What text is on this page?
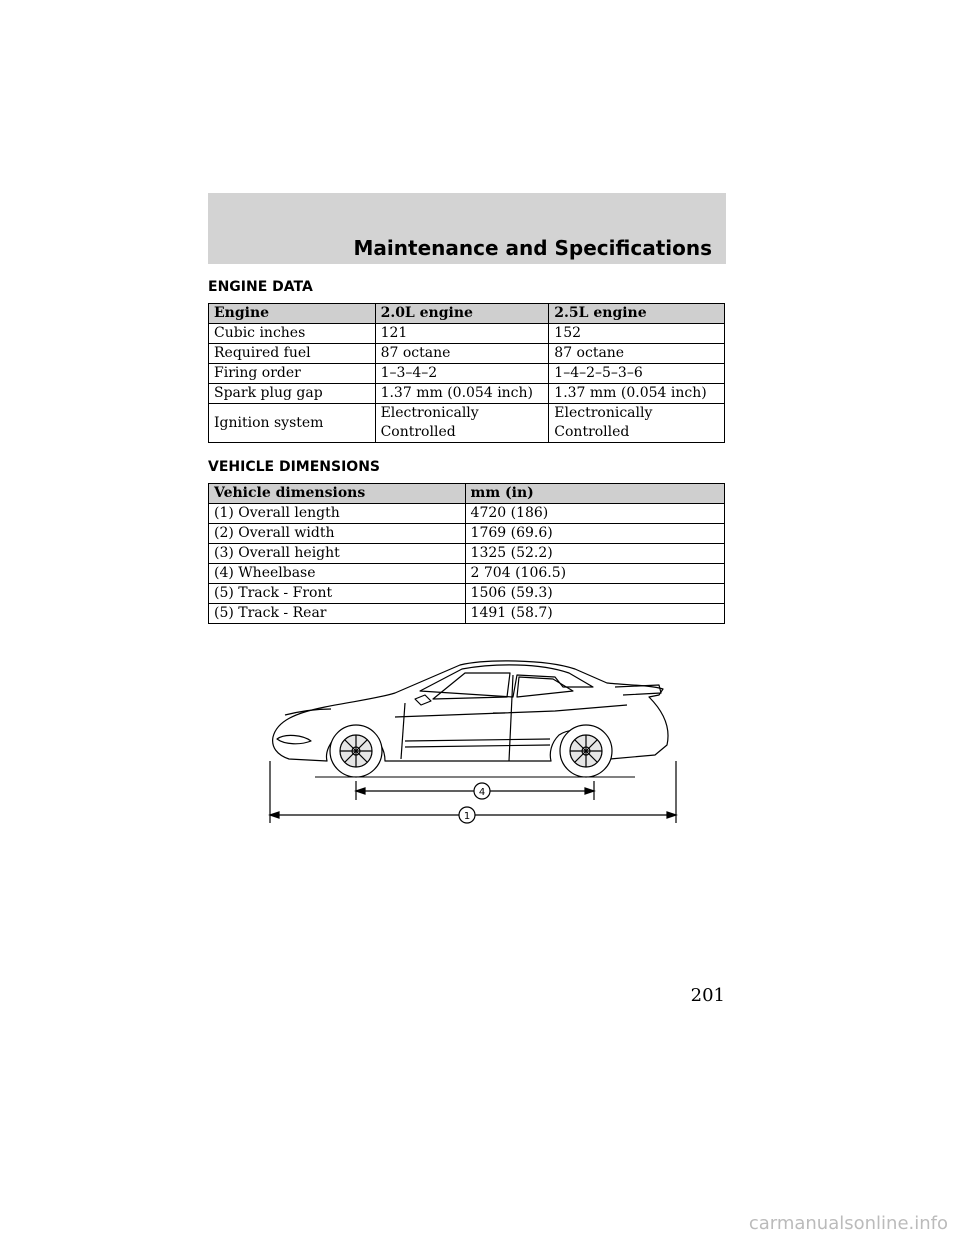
Maintenance and Specifications
ENGINE DATA
Engine	2.0L engine	2.5L engine
Cubic inches	121	152
Required fuel	87 octane	87 octane
Firing order	1–3–4–2	1–4–2–5–3–6
Spark plug gap	1.37 mm (0.054 inch)	1.37 mm (0.054 inch)
Ignition system	Electronically Controlled	Electronically Controlled
VEHICLE DIMENSIONS
Vehicle dimensions	mm (in)
(1) Overall length	4720 (186)
(2) Overall width	1769 (69.6)
(3) Overall height	1325 (52.2)
(4) Wheelbase	2 704 (106.5)
(5) Track - Front	1506 (59.3)
(5) Track - Rear	1491 (58.7)
4
1
201
carmanualsonline.info
